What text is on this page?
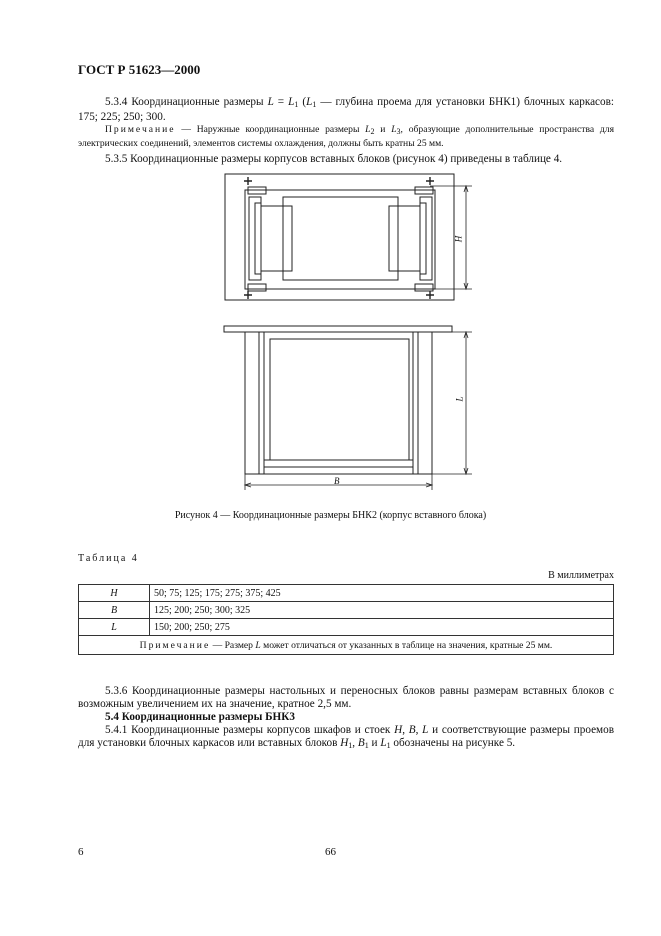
ГОСТ Р 51623—2000
5.3.4 Координационные размеры $L = L_1$ ($L_1$ — глубина проема для установки БНК1) блочных каркасов: 175; 225; 250; 300.
Примечание — Наружные координационные размеры $L_2$ и $L_3$, образующие дополнительные пространства для электрических соединений, элементов системы охлаждения, должны быть кратны 25 мм.
5.3.5 Координационные размеры корпусов вставных блоков (рисунок 4) приведены в таблице 4.
H
L
B
Рисунок 4 — Координационные размеры БНК2 (корпус вставного блока)
Таблица 4
В миллиметрах
H	50; 75; 125; 175; 275; 375; 425
B	125; 200; 250; 300; 325
L	150; 200; 250; 275
Примечание — Размер L может отличаться от указанных в таблице на значения, кратные 25 мм.	
5.3.6 Координационные размеры настольных и переносных блоков равны размерам вставных блоков с возможным увеличением их на значение, кратное 2,5 мм.
5.4 Координационные размеры БНК3
5.4.1 Координационные размеры корпусов шкафов и стоек H, B, L и соответствующие размеры проемов для установки блочных каркасов или вставных блоков $H_1$, $B_1$ и $L_1$ обозначены на рисунке 5.
6	66
